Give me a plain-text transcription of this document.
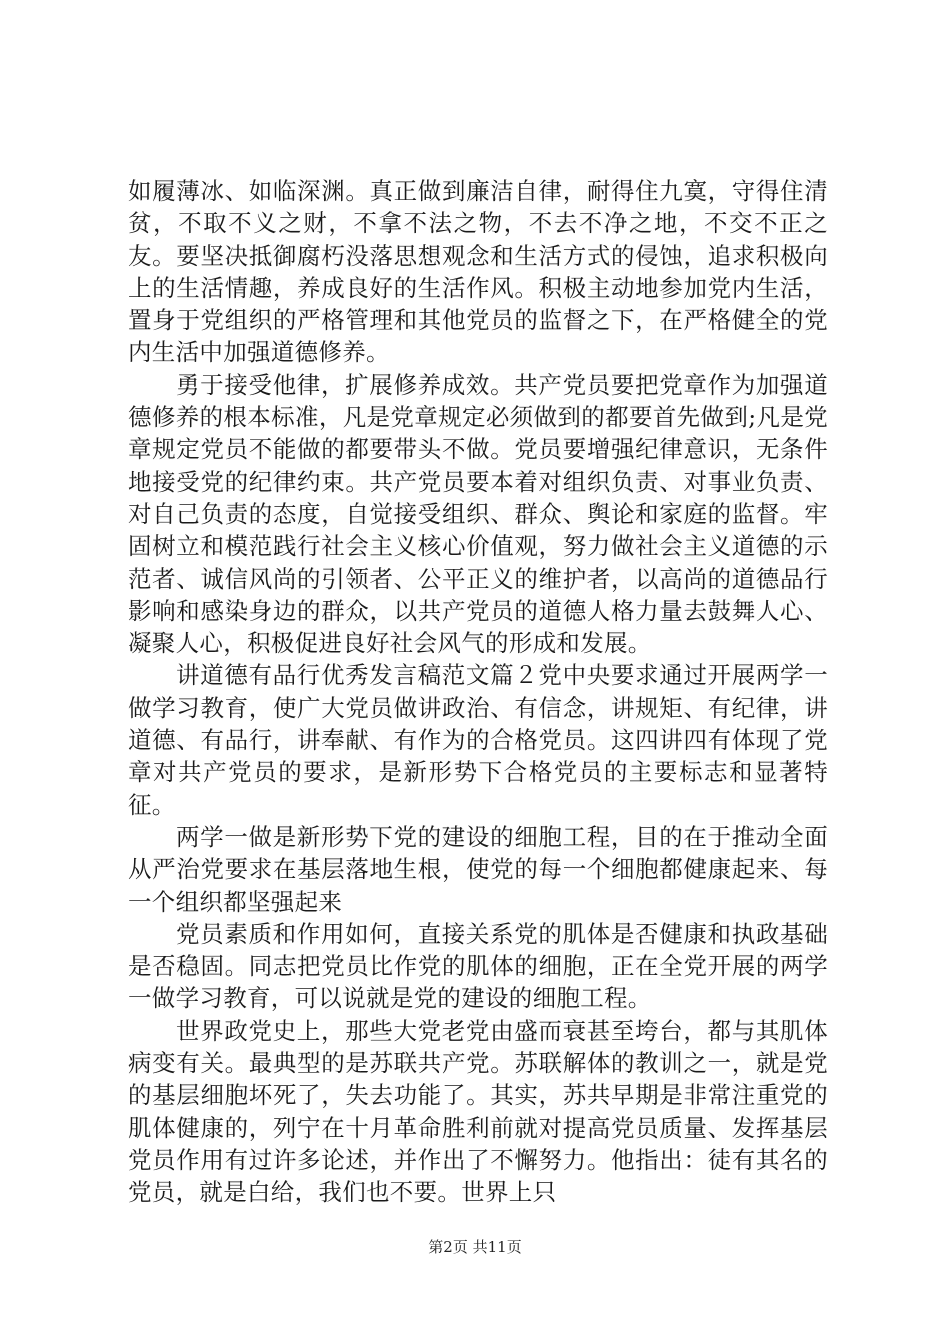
如履薄冰、如临深渊。真正做到廉洁自律，耐得住九寞，守得住清贫，不取不义之财，不拿不法之物，不去不净之地，不交不正之友。要坚决抵御腐朽没落思想观念和生活方式的侵蚀，追求积极向上的生活情趣，养成良好的生活作风。积极主动地参加党内生活，置身于党组织的严格管理和其他党员的监督之下，在严格健全的党内生活中加强道德修养。

勇于接受他律，扩展修养成效。共产党员要把党章作为加强道德修养的根本标准，凡是党章规定必须做到的都要首先做到;凡是党章规定党员不能做的都要带头不做。党员要增强纪律意识，无条件地接受党的纪律约束。共产党员要本着对组织负责、对事业负责、对自己负责的态度，自觉接受组织、群众、舆论和家庭的监督。牢固树立和模范践行社会主义核心价值观，努力做社会主义道德的示范者、诚信风尚的引领者、公平正义的维护者，以高尚的道德品行影响和感染身边的群众，以共产党员的道德人格力量去鼓舞人心、凝聚人心，积极促进良好社会风气的形成和发展。

讲道德有品行优秀发言稿范文篇２党中央要求通过开展两学一做学习教育，使广大党员做讲政治、有信念，讲规矩、有纪律，讲道德、有品行，讲奉献、有作为的合格党员。这四讲四有体现了党章对共产党员的要求，是新形势下合格党员的主要标志和显著特征。

两学一做是新形势下党的建设的细胞工程，目的在于推动全面从严治党要求在基层落地生根，使党的每一个细胞都健康起来、每一个组织都坚强起来

党员素质和作用如何，直接关系党的肌体是否健康和执政基础是否稳固。同志把党员比作党的肌体的细胞，正在全党开展的两学一做学习教育，可以说就是党的建设的细胞工程。

世界政党史上，那些大党老党由盛而衰甚至垮台，都与其肌体病变有关。最典型的是苏联共产党。苏联解体的教训之一，就是党的基层细胞坏死了，失去功能了。其实，苏共早期是非常注重党的肌体健康的，列宁在十月革命胜利前就对提高党员质量、发挥基层党员作用有过许多论述，并作出了不懈努力。他指出：徒有其名的党员，就是白给，我们也不要。世界上只

第2页 共11页
